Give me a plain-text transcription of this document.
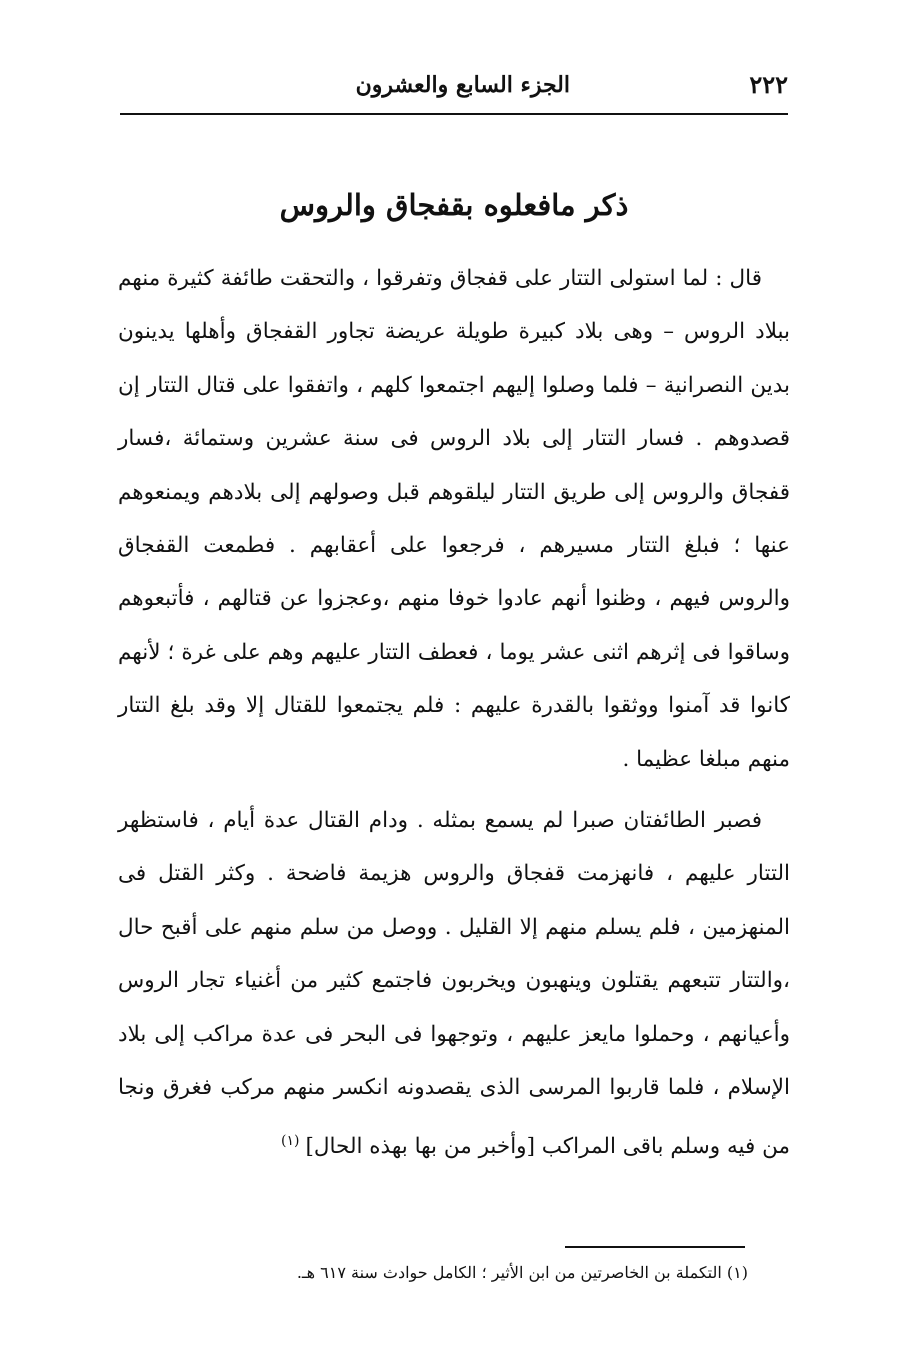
٢٢٢
الجزء السابع والعشرون
ذكر مافعلوه بقفجاق والروس

قال : لما استولى التتار على قفجاق وتفرقوا ، والتحقت طائفة كثيرة منهم ببلاد الروس – وهى بلاد كبيرة طويلة عريضة تجاور القفجاق وأهلها يدينون بدين النصرانية – فلما وصلوا إليهم اجتمعوا كلهم ، واتفقوا على قتال التتار إن قصدوهم . فسار التتار إلى بلاد الروس فى سنة عشرين وستمائة ،فسار قفجاق والروس إلى طريق التتار ليلقوهم قبل وصولهم إلى بلادهم ويمنعوهم عنها ؛ فبلغ التتار مسيرهم ، فرجعوا على أعقابهم . فطمعت القفجاق والروس فيهم ، وظنوا أنهم عادوا خوفا منهم ،وعجزوا عن قتالهم ، فأتبعوهم وساقوا فى إثرهم اثنى عشر يوما ، فعطف التتار عليهم وهم على غرة ؛ لأنهم كانوا قد آمنوا ووثقوا بالقدرة عليهم : فلم يجتمعوا للقتال إلا وقد بلغ التتار منهم مبلغا عظيما .

فصبر الطائفتان صبرا لم يسمع بمثله . ودام القتال عدة أيام ، فاستظهر التتار عليهم ، فانهزمت قفجاق والروس هزيمة فاضحة . وكثر القتل فى المنهزمين ، فلم يسلم منهم إلا القليل . ووصل من سلم منهم على أقبح حال ،والتتار تتبعهم يقتلون وينهبون ويخربون فاجتمع كثير من أغنياء تجار الروس وأعيانهم ، وحملوا مايعز عليهم ، وتوجهوا فى البحر فى عدة مراكب إلى بلاد الإسلام ، فلما قاربوا المرسى الذى يقصدونه انكسر منهم مركب فغرق ونجا من فيه وسلم باقى المراكب [وأخبر من بها بهذه الحال]$^{(١)}$

(١) التكملة بن الخاصرتين من ابن الأثير ؛ الكامل حوادث سنة ٦١٧ هـ.
